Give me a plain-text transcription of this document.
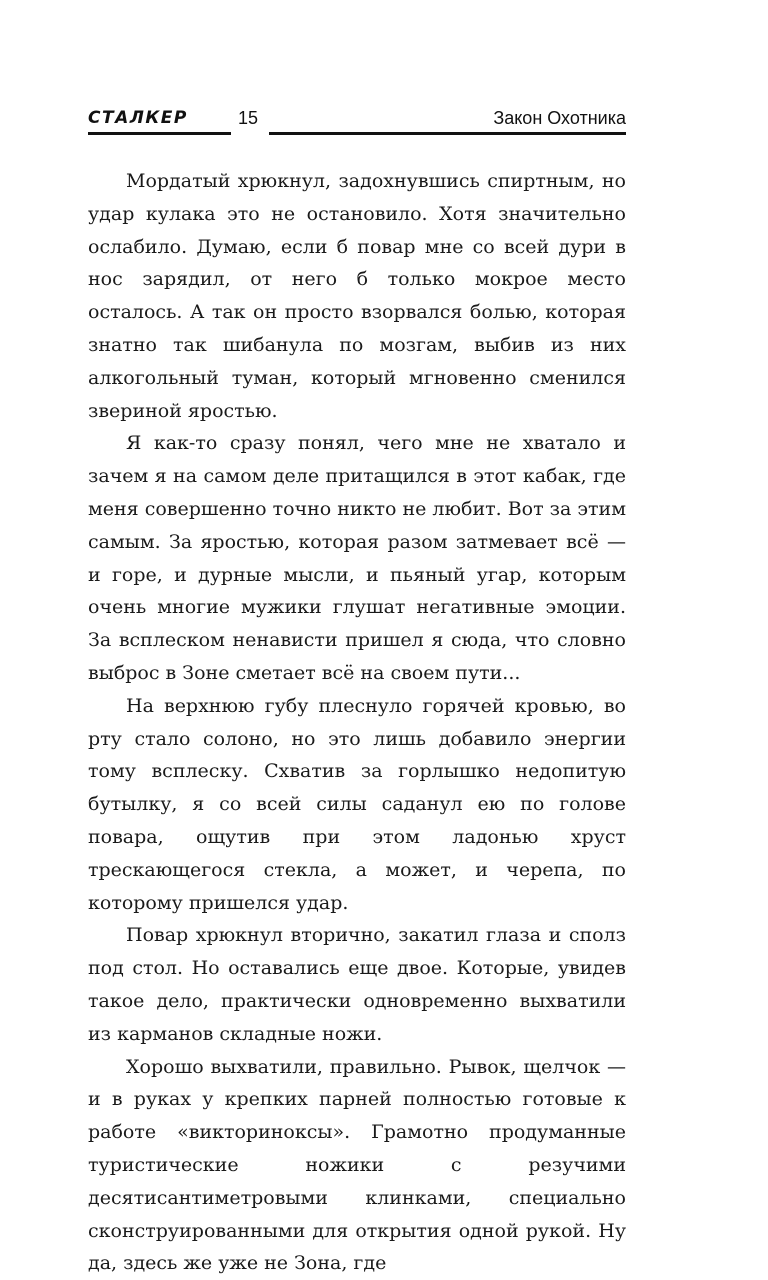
СТАЛКЕР	15	Закон Охотника

Мордатый хрюкнул, задохнувшись спиртным, но удар кулака это не остановило. Хотя значительно ослабило. Думаю, если б повар мне со всей дури в нос зарядил, от него б только мокрое место осталось. А так он просто взорвался болью, которая знатно так шибанула по мозгам, выбив из них алкогольный туман, который мгновенно сменился звериной яростью.

Я как-то сразу понял, чего мне не хватало и зачем я на самом деле притащился в этот кабак, где меня совершенно точно никто не любит. Вот за этим самым. За яростью, которая разом затмевает всё — и горе, и дурные мысли, и пьяный угар, которым очень многие мужики глушат негативные эмоции. За всплеском ненависти пришел я сюда, что словно выброс в Зоне сметает всё на своем пути...

На верхнюю губу плеснуло горячей кровью, во рту стало солоно, но это лишь добавило энергии тому всплеску. Схватив за горлышко недопитую бутылку, я со всей силы саданул ею по голове повара, ощутив при этом ладонью хруст трескающегося стекла, а может, и черепа, по которому пришелся удар.

Повар хрюкнул вторично, закатил глаза и сполз под стол. Но оставались еще двое. Которые, увидев такое дело, практически одновременно выхватили из карманов складные ножи.

Хорошо выхватили, правильно. Рывок, щелчок — и в руках у крепких парней полностью готовые к работе «викториноксы». Грамотно продуманные туристические ножики с резучими десятисантиметровыми клинками, специально сконструированными для открытия одной рукой. Ну да, здесь же уже не Зона, где
